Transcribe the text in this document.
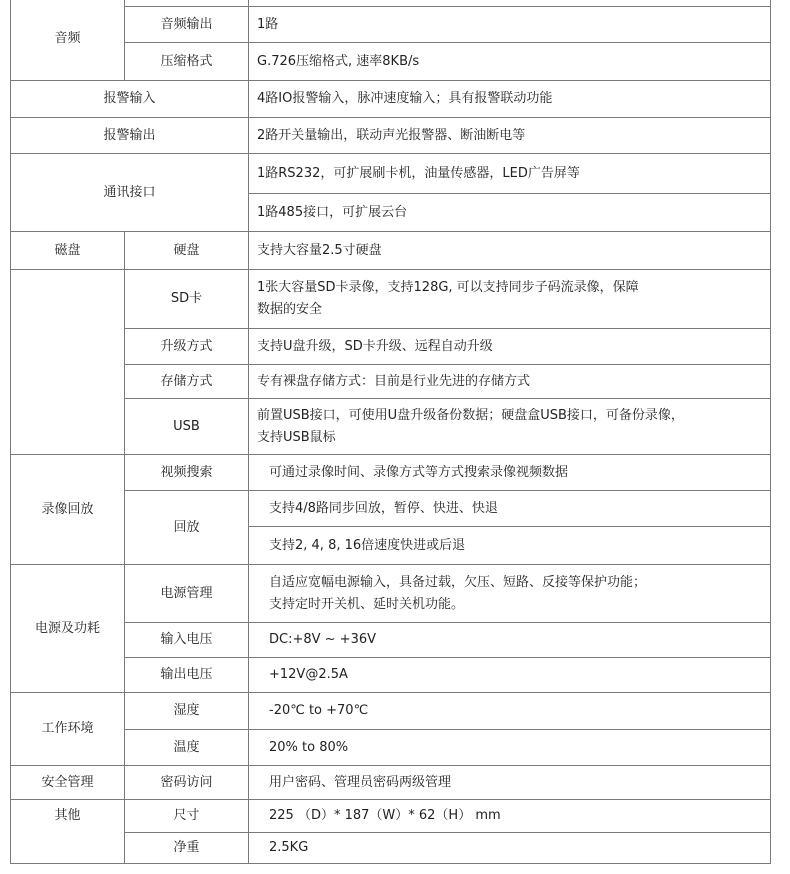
音频		
	音频输出	1路
	压缩格式	G.726压缩格式, 速率8KB/s
报警输入		4路IO报警输入，脉冲速度输入；具有报警联动功能
报警输出		2路开关量输出，联动声光报警器、断油断电等
通讯接口		1路RS232，可扩展刷卡机，油量传感器，LED广告屏等
		1路485接口，可扩展云台
磁盘	硬盘	支持大容量2.5寸硬盘
	SD卡	1张大容量SD卡录像，支持128G, 可以支持同步子码流录像，保障
数据的安全

	升级方式	支持U盘升级，SD卡升级、远程自动升级
	存储方式	专有裸盘存储方式：目前是行业先进的存储方式
	USB	前置USB接口，可使用U盘升级备份数据；硬盘盒USB接口，可备份录像，
支持USB鼠标

录像回放	视频搜索	可通过录像时间、录像方式等方式搜索录像视频数据
	回放	支持4/8路同步回放，暂停、快进、快退
		支持2, 4, 8, 16倍速度快进或后退
电源及功耗	电源管理	自适应宽幅电源输入，具备过载，欠压、短路、反接等保护功能；
支持定时开关机、延时关机功能。

	输入电压	DC:+8V ~ +36V
	输出电压	+12V@2.5A
工作环境	湿度	-20℃ to +70℃
	温度	20% to 80%
安全管理	密码访问	用户密码、管理员密码两级管理
其他	尺寸	225 （D）* 187（W）* 62（H） mm
	净重	2.5KG
